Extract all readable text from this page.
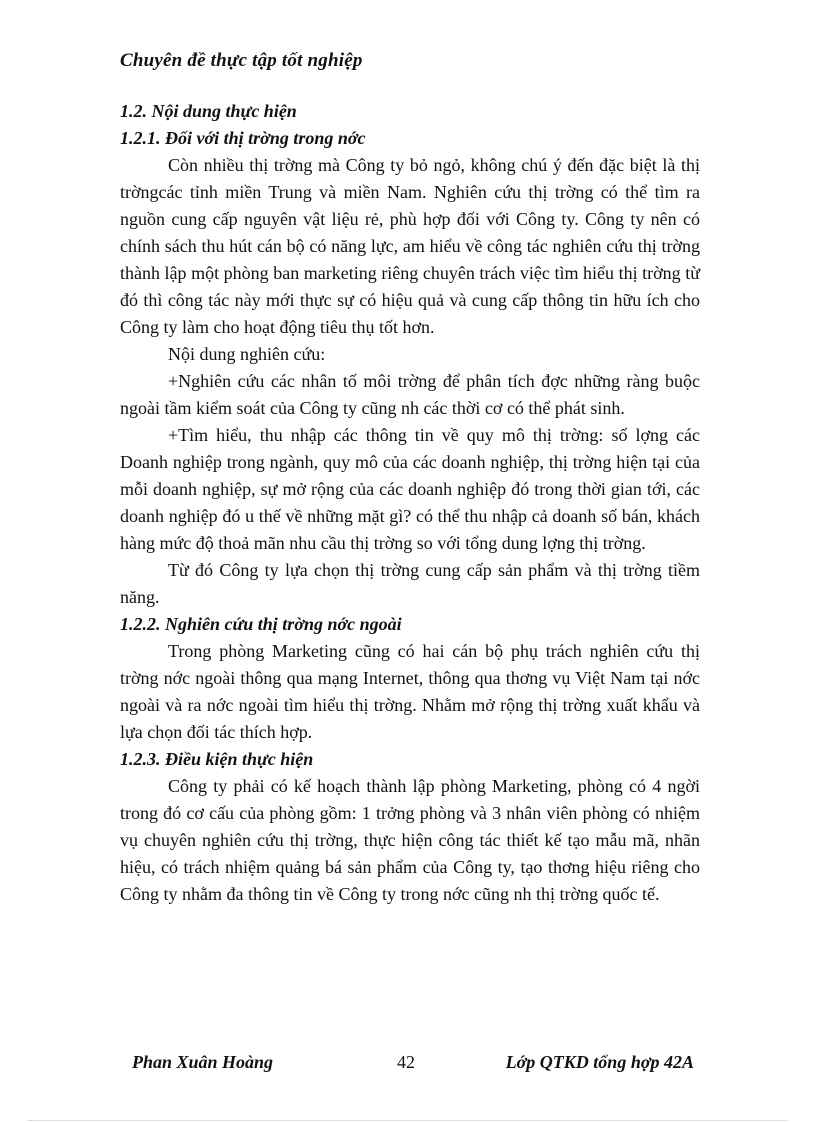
Chuyên đề thực tập tốt nghiệp
1.2. Nội dung thực hiện
1.2.1. Đối với thị trờng trong nớc

Còn nhiều thị trờng mà Công ty bỏ ngỏ, không chú ý đến đặc biệt là thị trờngcác tỉnh miền Trung và miền Nam. Nghiên cứu thị trờng có thể tìm ra nguồn cung cấp nguyên vật liệu rẻ, phù hợp đối với Công ty. Công ty nên có chính sách thu hút cán bộ có năng lực, am hiểu về công tác nghiên cứu thị trờng thành lập một phòng ban marketing riêng chuyên trách việc tìm hiểu thị trờng từ đó thì công tác này mới thực sự có hiệu quả và cung cấp thông tin hữu ích cho Công ty làm cho hoạt động tiêu thụ tốt hơn.

Nội dung nghiên cứu:

+Nghiên cứu các nhân tố môi trờng để phân tích đợc những ràng buộc ngoài tầm kiểm soát của Công ty cũng nh các thời cơ có thể phát sinh.

+Tìm hiểu, thu nhập các thông tin về quy mô thị trờng: số lợng các Doanh nghiệp trong ngành, quy mô của các doanh nghiệp, thị trờng hiện tại của mỗi doanh nghiệp, sự mở rộng của các doanh nghiệp đó trong thời gian tới, các doanh nghiệp đó u thế về những mặt gì? có thể thu nhập cả doanh số bán, khách hàng mức độ thoả mãn nhu cầu thị trờng so với tổng dung lợng thị trờng.

Từ đó Công ty lựa chọn thị trờng cung cấp sản phẩm và thị trờng tiềm năng.

1.2.2. Nghiên cứu thị trờng nớc ngoài

Trong phòng Marketing cũng có hai cán bộ phụ trách nghiên cứu thị trờng nớc ngoài thông qua mạng Internet, thông qua thơng vụ Việt Nam tại nớc ngoài và ra nớc ngoài tìm hiểu thị trờng. Nhằm mở rộng thị trờng xuất khẩu và lựa chọn đối tác thích hợp.

1.2.3. Điều kiện thực hiện

Công ty phải có kế hoạch thành lập phòng Marketing, phòng có 4 ngời trong đó cơ cấu của phòng gồm: 1 trởng phòng và 3 nhân viên phòng có nhiệm vụ chuyên nghiên cứu thị trờng, thực hiện công tác thiết kế tạo mẫu mã, nhãn hiệu, có trách nhiệm quảng bá sản phẩm của Công ty, tạo thơng hiệu riêng cho Công ty nhằm đa thông tin về Công ty trong nớc cũng nh thị trờng quốc tế.

Phan Xuân Hoàng	42	Lớp QTKD tổng hợp 42A
